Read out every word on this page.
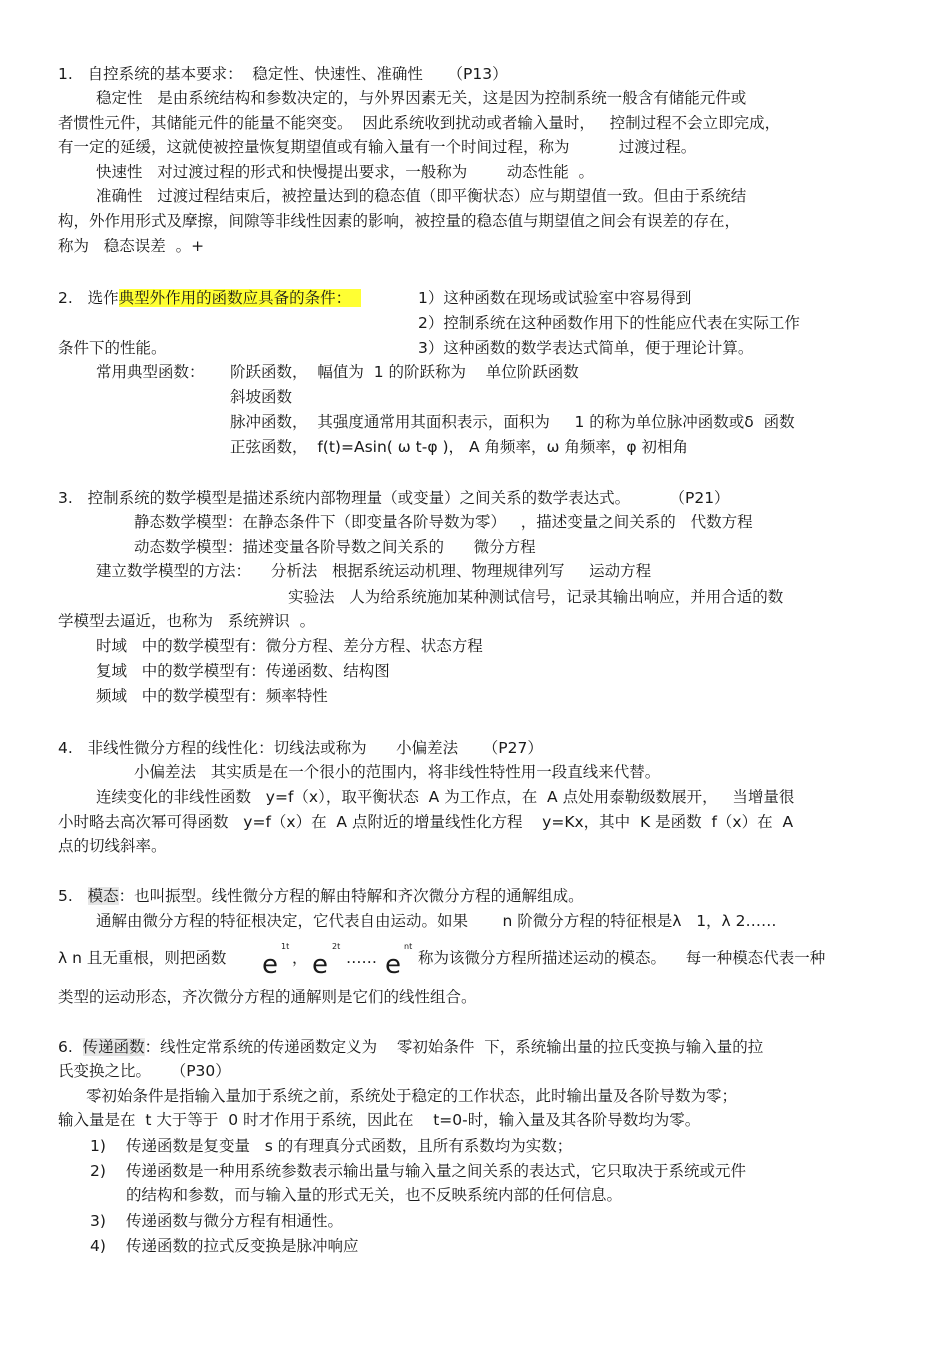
1.   自控系统的基本要求：  稳定性、快速性、准确性     （P13）
稳定性   是由系统结构和参数决定的，与外界因素无关，这是因为控制系统一般含有储能元件或
者惯性元件，其储能元件的能量不能突变。  因此系统收到扰动或者输入量时，   控制过程不会立即完成，
有一定的延缓，这就使被控量恢复期望值或有输入量有一个时间过程，称为          过渡过程。
快速性   对过渡过程的形式和快慢提出要求，一般称为        动态性能  。
准确性   过渡过程结束后，被控量达到的稳态值（即平衡状态）应与期望值一致。但由于系统结
构，外作用形式及摩擦，间隙等非线性因素的影响，被控量的稳态值与期望值之间会有误差的存在，
称为   稳态误差  。+
2.   选作典型外作用的函数应具备的条件：	1）这种函数在现场或试验室中容易得到
2）控制系统在这种函数作用下的性能应代表在实际工作
条件下的性能。	3）这种函数的数学表达式简单，便于理论计算。
常用典型函数： 阶跃函数，  幅值为  1 的阶跃称为    单位阶跃函数
斜坡函数
脉冲函数，  其强度通常用其面积表示，面积为     1 的称为单位脉冲函数或δ  函数
正弦函数，  f(t)=Asin( ω t-φ )， A 角频率，ω 角频率，φ 初相角
3.   控制系统的数学模型是描述系统内部物理量（或变量）之间关系的数学表达式。        （P21）
静态数学模型：在静态条件下（即变量各阶导数为零）   ，描述变量之间关系的   代数方程
动态数学模型：描述变量各阶导数之间关系的      微分方程
建立数学模型的方法：    分析法   根据系统运动机理、物理规律列写     运动方程
实验法   人为给系统施加某种测试信号，记录其输出响应，并用合适的数
学模型去逼近，也称为   系统辨识  。
时域   中的数学模型有：微分方程、差分方程、状态方程
复域   中的数学模型有：传递函数、结构图
频域   中的数学模型有：频率特性
4.   非线性微分方程的线性化：切线法或称为      小偏差法     （P27）
小偏差法   其实质是在一个很小的范围内，将非线性特性用一段直线来代替。
连续变化的非线性函数   y=f（x），取平衡状态  A 为工作点，在  A 点处用泰勒级数展开，   当增量很
小时略去高次幂可得函数   y=f（x）在  A 点附近的增量线性化方程    y=Kx，其中  K 是函数  f（x）在  A
点的切线斜率。
5.   模态：也叫振型。线性微分方程的解由特解和齐次微分方程的通解组成。
通解由微分方程的特征根决定，它代表自由运动。如果       n 阶微分方程的特征根是λ   1，λ 2……
λ n 且无重根，则把函数 e
1t
， e
2t
…… e
nt
称为该微分方程所描述运动的模态。    每一种模态代表一种
类型的运动形态，齐次微分方程的通解则是它们的线性组合。
6.  传递函数：线性定常系统的传递函数定义为    零初始条件  下，系统输出量的拉氏变换与输入量的拉
氏变换之比。    （P30）
零初始条件是指输入量加于系统之前，系统处于稳定的工作状态，此时输出量及各阶导数为零；
输入量是在  t 大于等于  0 时才作用于系统，因此在    t=0-时，输入量及其各阶导数均为零。
1) 传递函数是复变量   s 的有理真分式函数，且所有系数均为实数；
2) 传递函数是一种用系统参数表示输出量与输入量之间关系的表达式，它只取决于系统或元件
的结构和参数，而与输入量的形式无关，也不反映系统内部的任何信息。
3) 传递函数与微分方程有相通性。
4) 传递函数的拉式反变换是脉冲响应
